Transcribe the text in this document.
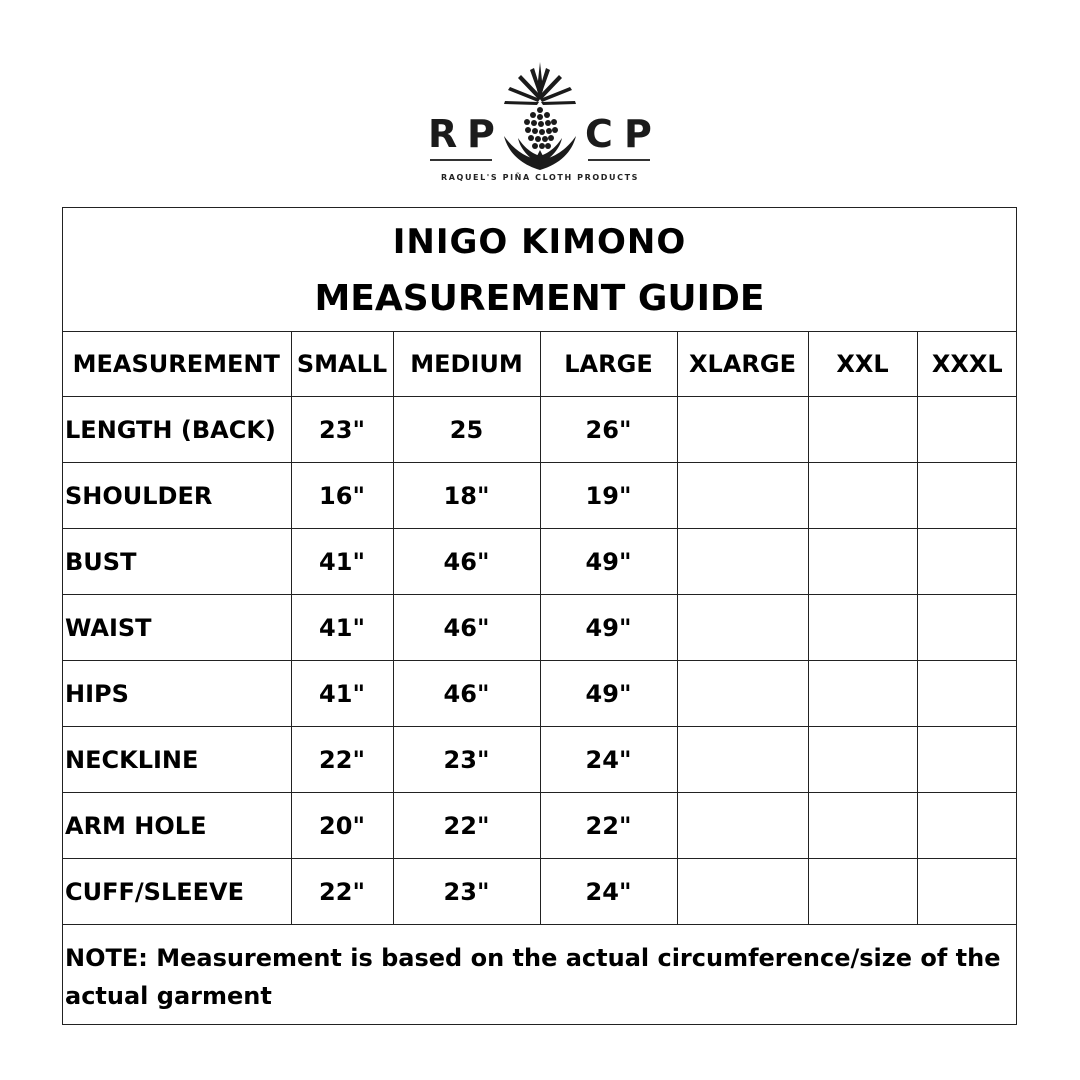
R P C P
RAQUEL'S PIÑA CLOTH PRODUCTS
INIGO KIMONO
MEASUREMENT GUIDE
MEASUREMENT	SMALL	MEDIUM	LARGE	XLARGE	XXL	XXXL
LENGTH (BACK)	23"	25	26"			
SHOULDER	16"	18"	19"			
BUST	41"	46"	49"			
WAIST	41"	46"	49"			
HIPS	41"	46"	49"			
NECKLINE	22"	23"	24"			
ARM HOLE	20"	22"	22"			
CUFF/SLEEVE	22"	23"	24"			
NOTE: Measurement is based on the actual circumference/size of the actual garment						
